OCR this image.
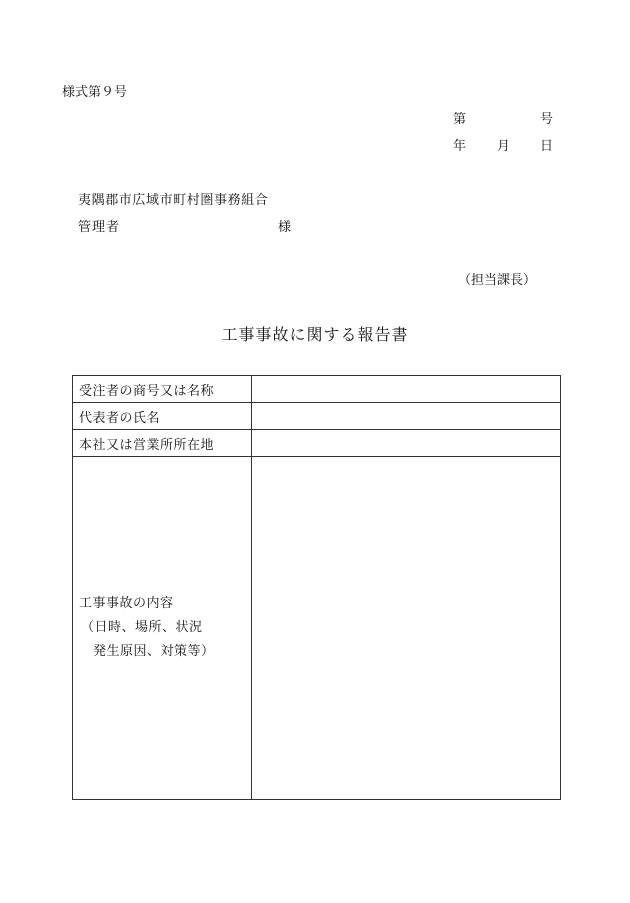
様式第９号
第	号
年 月 日
夷隅郡市広域市町村圏事務組合
管理者	様
（担当課長）
工事事故に関する報告書
受注者の商号又は名称	
代表者の氏名	
本社又は営業所所在地	

工事事故の内容
（日時、場所、状況
発生原因、対策等）	
